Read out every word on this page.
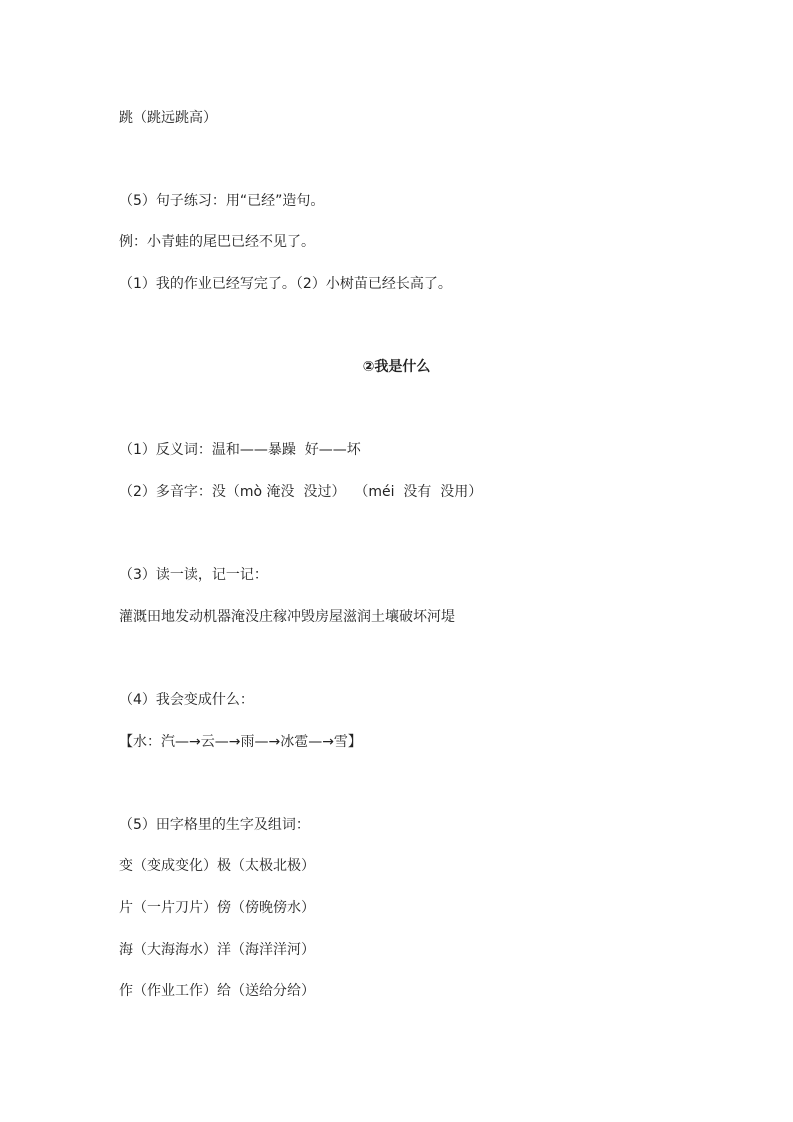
跳（跳远跳高）
（5）句子练习：用“已经”造句。
例：小青蛙的尾巴已经不见了。
（1）我的作业已经写完了。（2）小树苗已经长高了。
②我是什么
（1）反义词：温和——暴躁  好——坏
（2）多音字：没（mò 淹没  没过）  （méi  没有  没用）
（3）读一读，记一记：
灌溉田地发动机器淹没庄稼冲毁房屋滋润土壤破坏河堤
（4）我会变成什么：
【水：汽—→云—→雨—→冰雹—→雪】
（5）田字格里的生字及组词：
变（变成变化）极（太极北极）
片（一片刀片）傍（傍晚傍水）
海（大海海水）洋（海洋洋河）
作（作业工作）给（送给分给）
